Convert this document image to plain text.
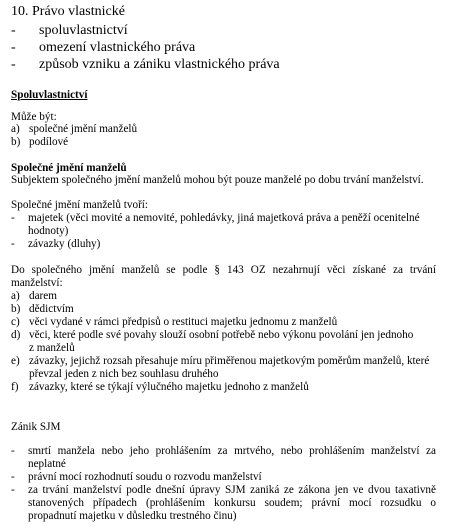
10. Právo vlastnické
- spoluvlastnictví
- omezení vlastnického práva
- způsob vzniku a zániku vlastnického práva
Spoluvlastnictví
Může být:
a) společné jmění manželů
b) podílové
Společné jmění manželů
Subjektem společného jmění manželů mohou být pouze manželé po dobu trvání manželství.
Společné jmění manželů tvoří:
- majetek (věci movité a nemovité, pohledávky, jiná majetková práva a peněží ocenitelné
hodnoty)
- závazky (dluhy)
Do společného jmění manželů se podle § 143 OZ nezahrnují věci získané za trvání
manželství:
a) darem
b) dědictvím
c) věci vydané v rámci předpisů o restituci majetku jednomu z manželů
d) věci, které podle své povahy slouží osobní potřebě nebo výkonu povolání jen jednoho
z manželů
e) závazky, jejichž rozsah přesahuje míru přiměřenou majetkovým poměrům manželů, které
převzal jeden z nich bez souhlasu druhého
f) závazky, které se týkají výlučného majetku jednoho z manželů
Zánik SJM
- smrtí manžela nebo jeho prohlášením za mrtvého, nebo prohlášením manželství za
neplatné
- právní mocí rozhodnutí soudu o rozvodu manželství
- za trvání manželství podle dnešní úpravy SJM zaniká ze zákona jen ve dvou taxativně
stanovených případech (prohlášením konkursu soudem; právní mocí rozsudku o
propadnutí majetku v důsledku trestného činu)
